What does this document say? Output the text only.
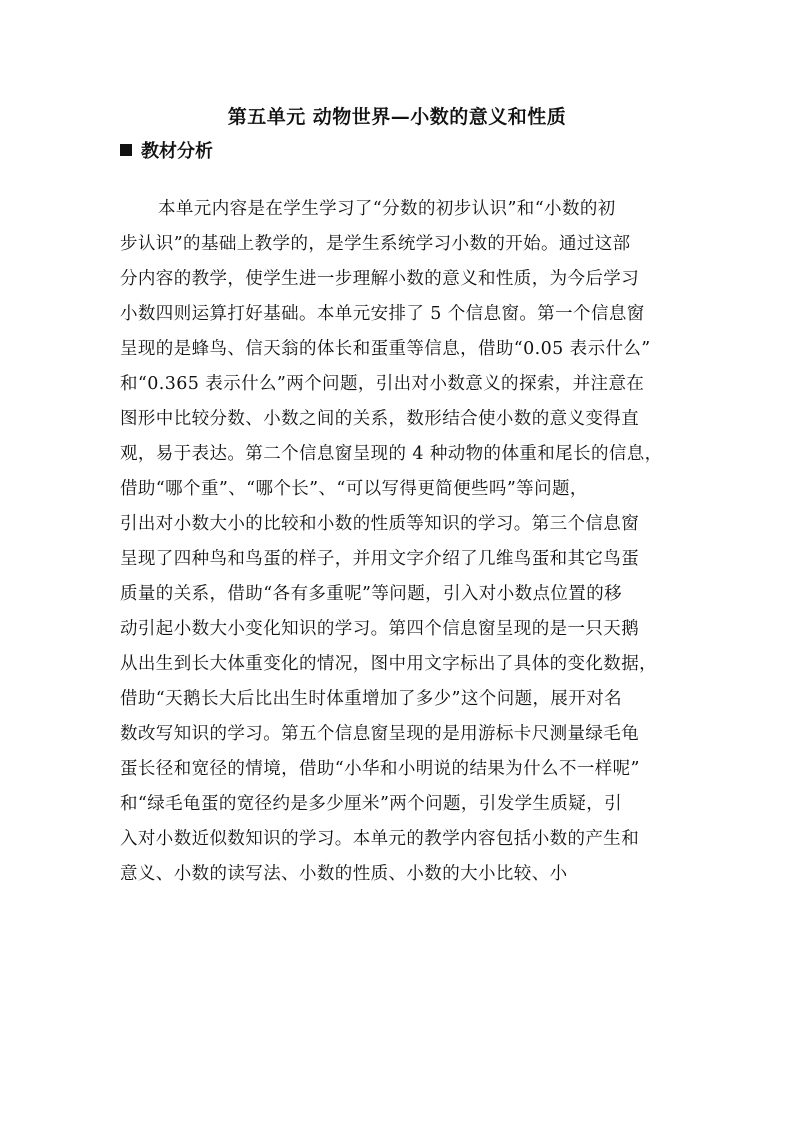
第五单元 动物世界—小数的意义和性质
教材分析
本单元内容是在学生学习了“分数的初步认识”和“小数的初
步认识”的基础上教学的，是学生系统学习小数的开始。通过这部
分内容的教学，使学生进一步理解小数的意义和性质，为今后学习
小数四则运算打好基础。本单元安排了 5 个信息窗。第一个信息窗
呈现的是蜂鸟、信天翁的体长和蛋重等信息，借助“0.05 表示什么”
和“0.365 表示什么”两个问题，引出对小数意义的探索，并注意在
图形中比较分数、小数之间的关系，数形结合使小数的意义变得直
观，易于表达。第二个信息窗呈现的 4 种动物的体重和尾长的信息，
借助“哪个重”、“哪个长”、“可以写得更简便些吗”等问题，
引出对小数大小的比较和小数的性质等知识的学习。第三个信息窗
呈现了四种鸟和鸟蛋的样子，并用文字介绍了几维鸟蛋和其它鸟蛋
质量的关系，借助“各有多重呢”等问题，引入对小数点位置的移
动引起小数大小变化知识的学习。第四个信息窗呈现的是一只天鹅
从出生到长大体重变化的情况，图中用文字标出了具体的变化数据，
借助“天鹅长大后比出生时体重增加了多少”这个问题，展开对名
数改写知识的学习。第五个信息窗呈现的是用游标卡尺测量绿毛龟
蛋长径和宽径的情境，借助“小华和小明说的结果为什么不一样呢”
和“绿毛龟蛋的宽径约是多少厘米”两个问题，引发学生质疑，引
入对小数近似数知识的学习。本单元的教学内容包括小数的产生和
意义、小数的读写法、小数的性质、小数的大小比较、小
